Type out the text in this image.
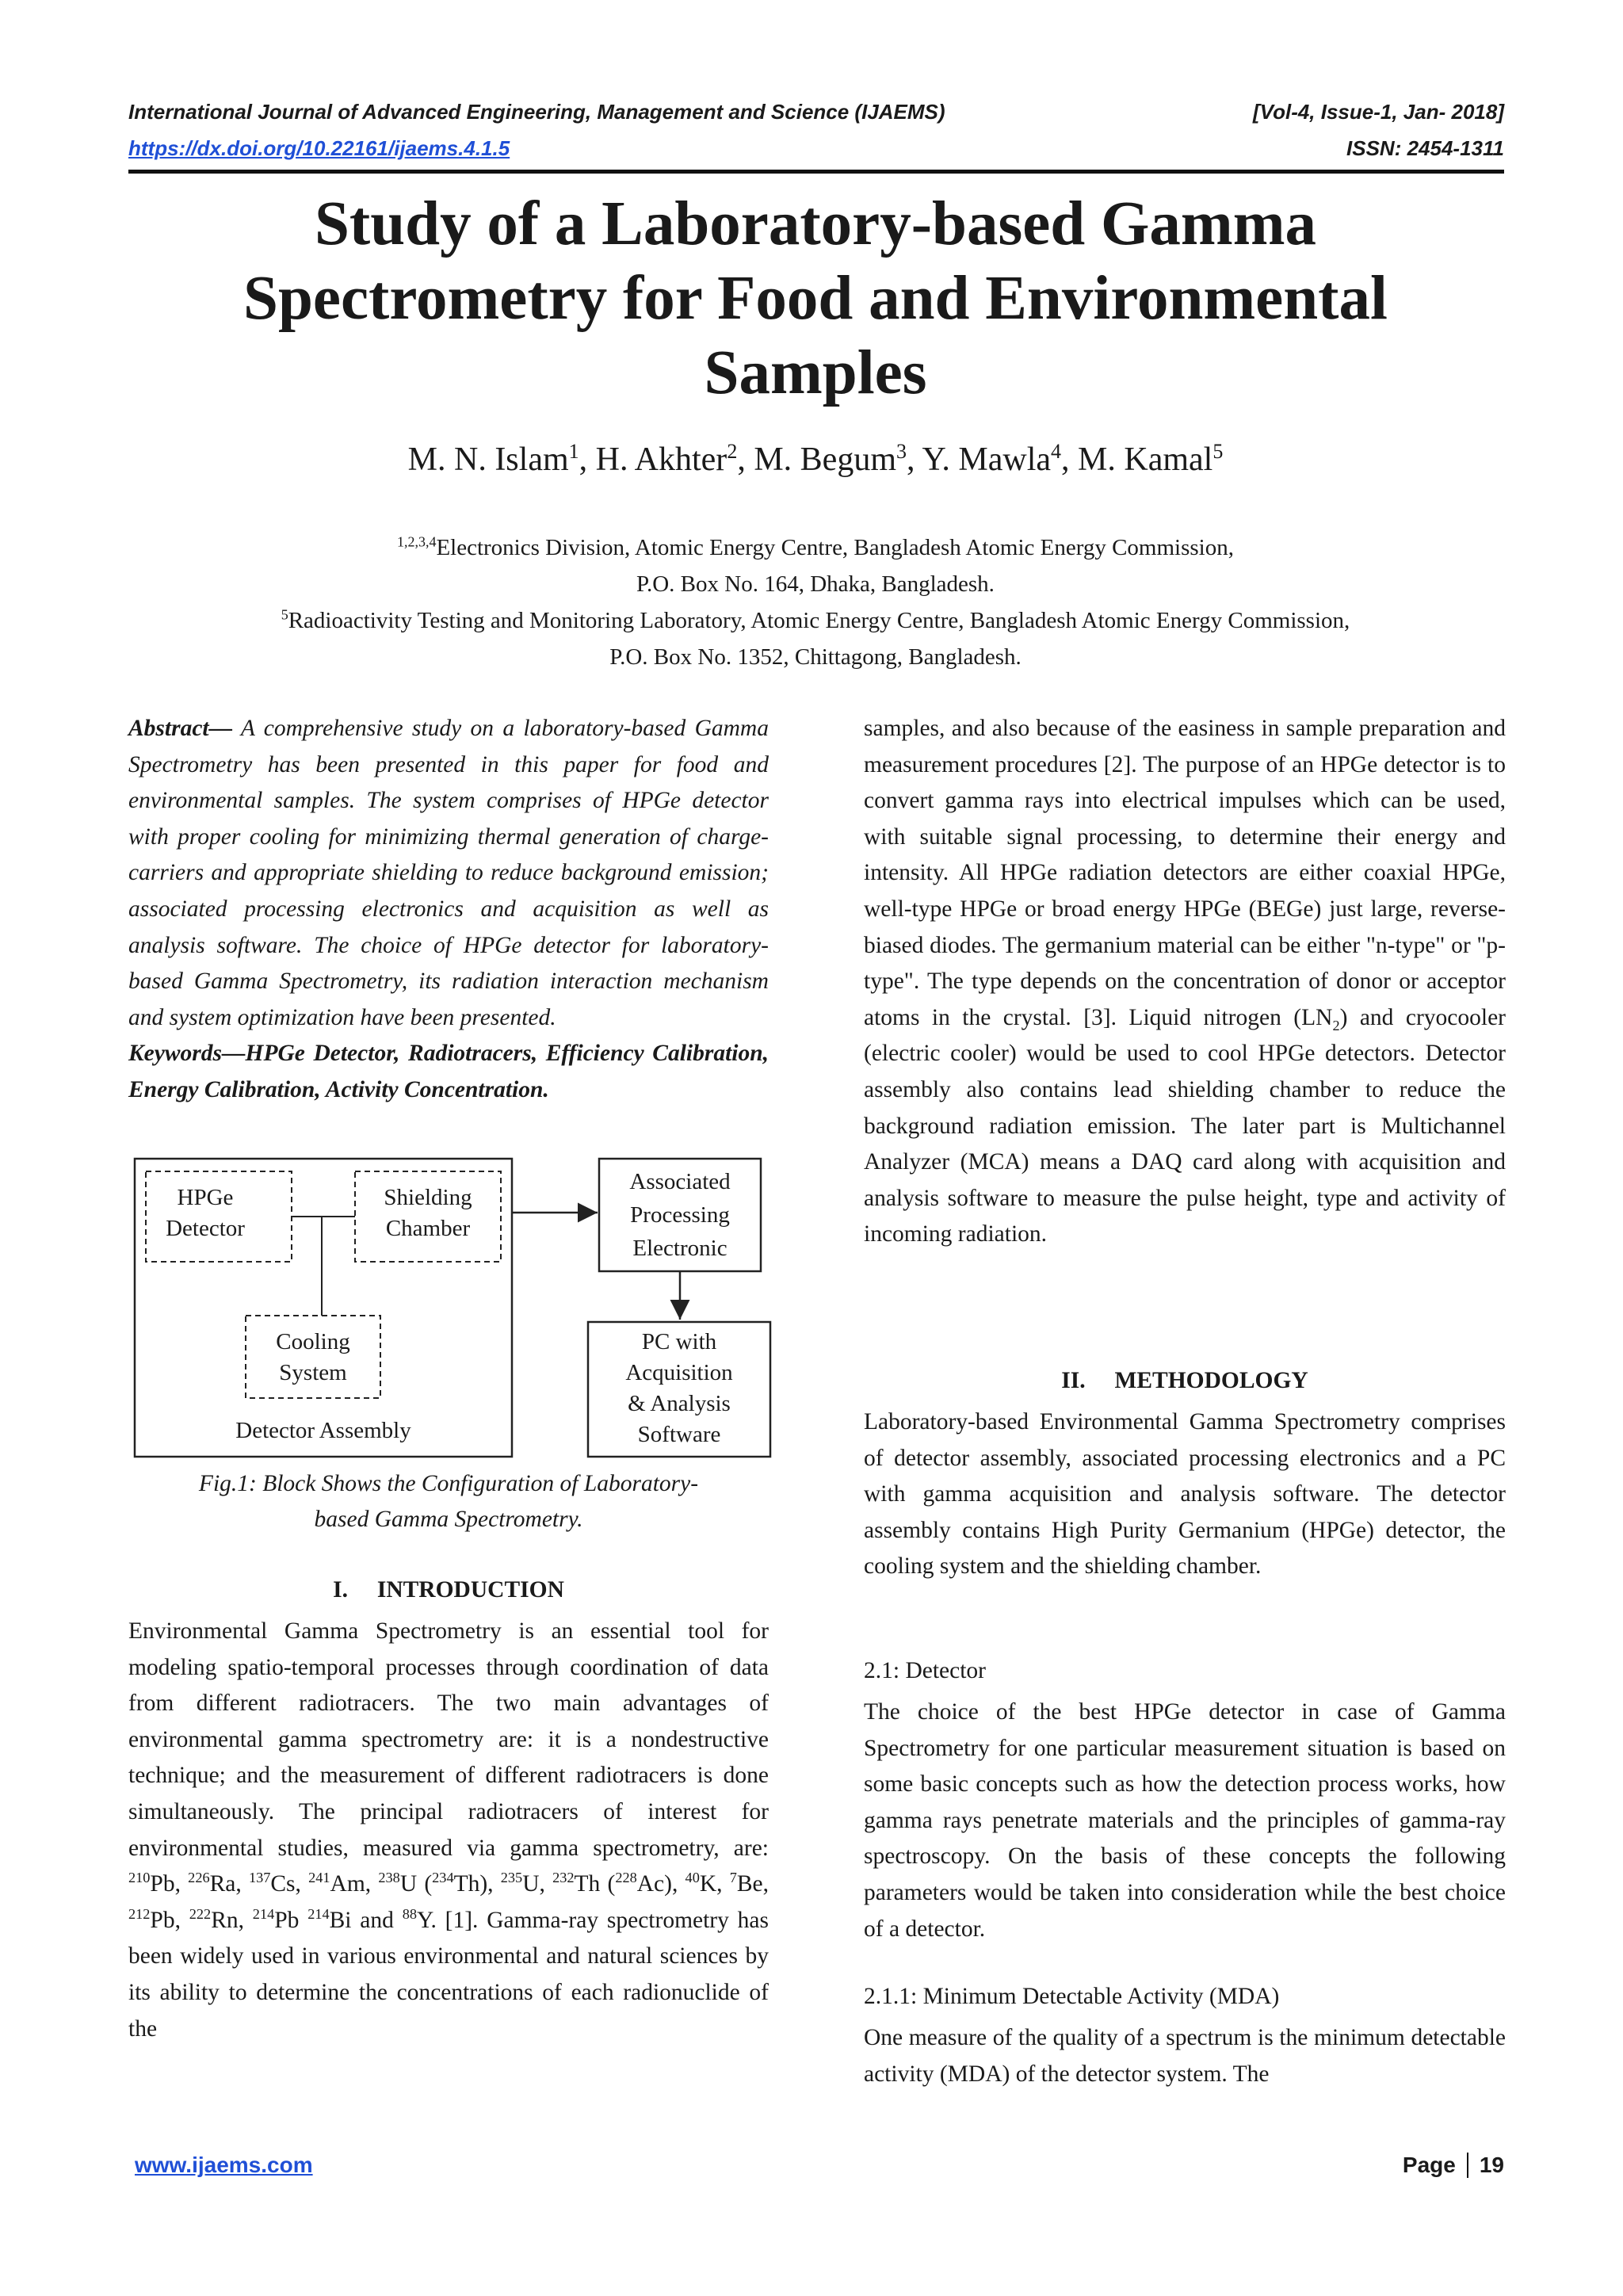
International Journal of Advanced Engineering, Management and Science (IJAEMS)	[Vol-4, Issue-1, Jan- 2018]
https://dx.doi.org/10.22161/ijaems.4.1.5	ISSN: 2454-1311
Study of a Laboratory-based Gamma
Spectrometry for Food and Environmental
Samples
M. N. Islam$^1$, H. Akhter$^2$, M. Begum$^3$, Y. Mawla$^4$, M. Kamal$^5$
$^{1,2,3,4}$Electronics Division, Atomic Energy Centre, Bangladesh Atomic Energy Commission,
P.O. Box No. 164, Dhaka, Bangladesh.
$^5$Radioactivity Testing and Monitoring Laboratory, Atomic Energy Centre, Bangladesh Atomic Energy Commission,
P.O. Box No. 1352, Chittagong, Bangladesh.

Abstract— A comprehensive study on a laboratory-based Gamma Spectrometry has been presented in this paper for food and environmental samples. The system comprises of HPGe detector with proper cooling for minimizing thermal generation of charge-carriers and appropriate shielding to reduce background emission; associated processing electronics and acquisition as well as analysis software. The choice of HPGe detector for laboratory-based Gamma Spectrometry, its radiation interaction mechanism and system optimization have been presented.

Keywords—HPGe Detector, Radiotracers, Efficiency Calibration, Energy Calibration, Activity Concentration.

HPGe
Detector
Shielding
Chamber
Cooling
System
Detector Assembly
Associated
Processing
Electronic
PC with
Acquisition
& Analysis
Software
Fig.1: Block Shows the Configuration of Laboratory-
based Gamma Spectrometry.
I.     INTRODUCTION

Environmental Gamma Spectrometry is an essential tool for modeling spatio-temporal processes through coordination of data from different radiotracers. The two main advantages of environmental gamma spectrometry are: it is a nondestructive technique; and the measurement of different radiotracers is done simultaneously. The principal radiotracers of interest for environmental studies, measured via gamma spectrometry, are: $^{210}$Pb, $^{226}$Ra, $^{137}$Cs, $^{241}$Am, $^{238}$U ($^{234}$Th), $^{235}$U, $^{232}$Th ($^{228}$Ac), $^{40}$K, $^7$Be, $^{212}$Pb, $^{222}$Rn, $^{214}$Pb $^{214}$Bi and $^{88}$Y. [1]. Gamma-ray spectrometry has been widely used in various environmental and natural sciences by its ability to determine the concentrations of each radionuclide of the

samples, and also because of the easiness in sample preparation and measurement procedures [2]. The purpose of an HPGe detector is to convert gamma rays into electrical impulses which can be used, with suitable signal processing, to determine their energy and intensity. All HPGe radiation detectors are either coaxial HPGe, well-type HPGe or broad energy HPGe (BEGe) just large, reverse-biased diodes. The germanium material can be either "n-type" or "p-type". The type depends on the concentration of donor or acceptor atoms in the crystal. [3]. Liquid nitrogen $(LN_2)$ and cryocooler (electric cooler) would be used to cool HPGe detectors. Detector assembly also contains lead shielding chamber to reduce the background radiation emission. The later part is Multichannel Analyzer (MCA) means a DAQ card along with acquisition and analysis software to measure the pulse height, type and activity of incoming radiation.

II.     METHODOLOGY

Laboratory-based Environmental Gamma Spectrometry comprises of detector assembly, associated processing electronics and a PC with gamma acquisition and analysis software. The detector assembly contains High Purity Germanium (HPGe) detector, the cooling system and the shielding chamber.

2.1: Detector

The choice of the best HPGe detector in case of Gamma Spectrometry for one particular measurement situation is based on some basic concepts such as how the detection process works, how gamma rays penetrate materials and the principles of gamma-ray spectroscopy. On the basis of these concepts the following parameters would be taken into consideration while the best choice of a detector.

2.1.1: Minimum Detectable Activity (MDA)

One measure of the quality of a spectrum is the minimum detectable activity (MDA) of the detector system. The

www.ijaems.com	Page 19
